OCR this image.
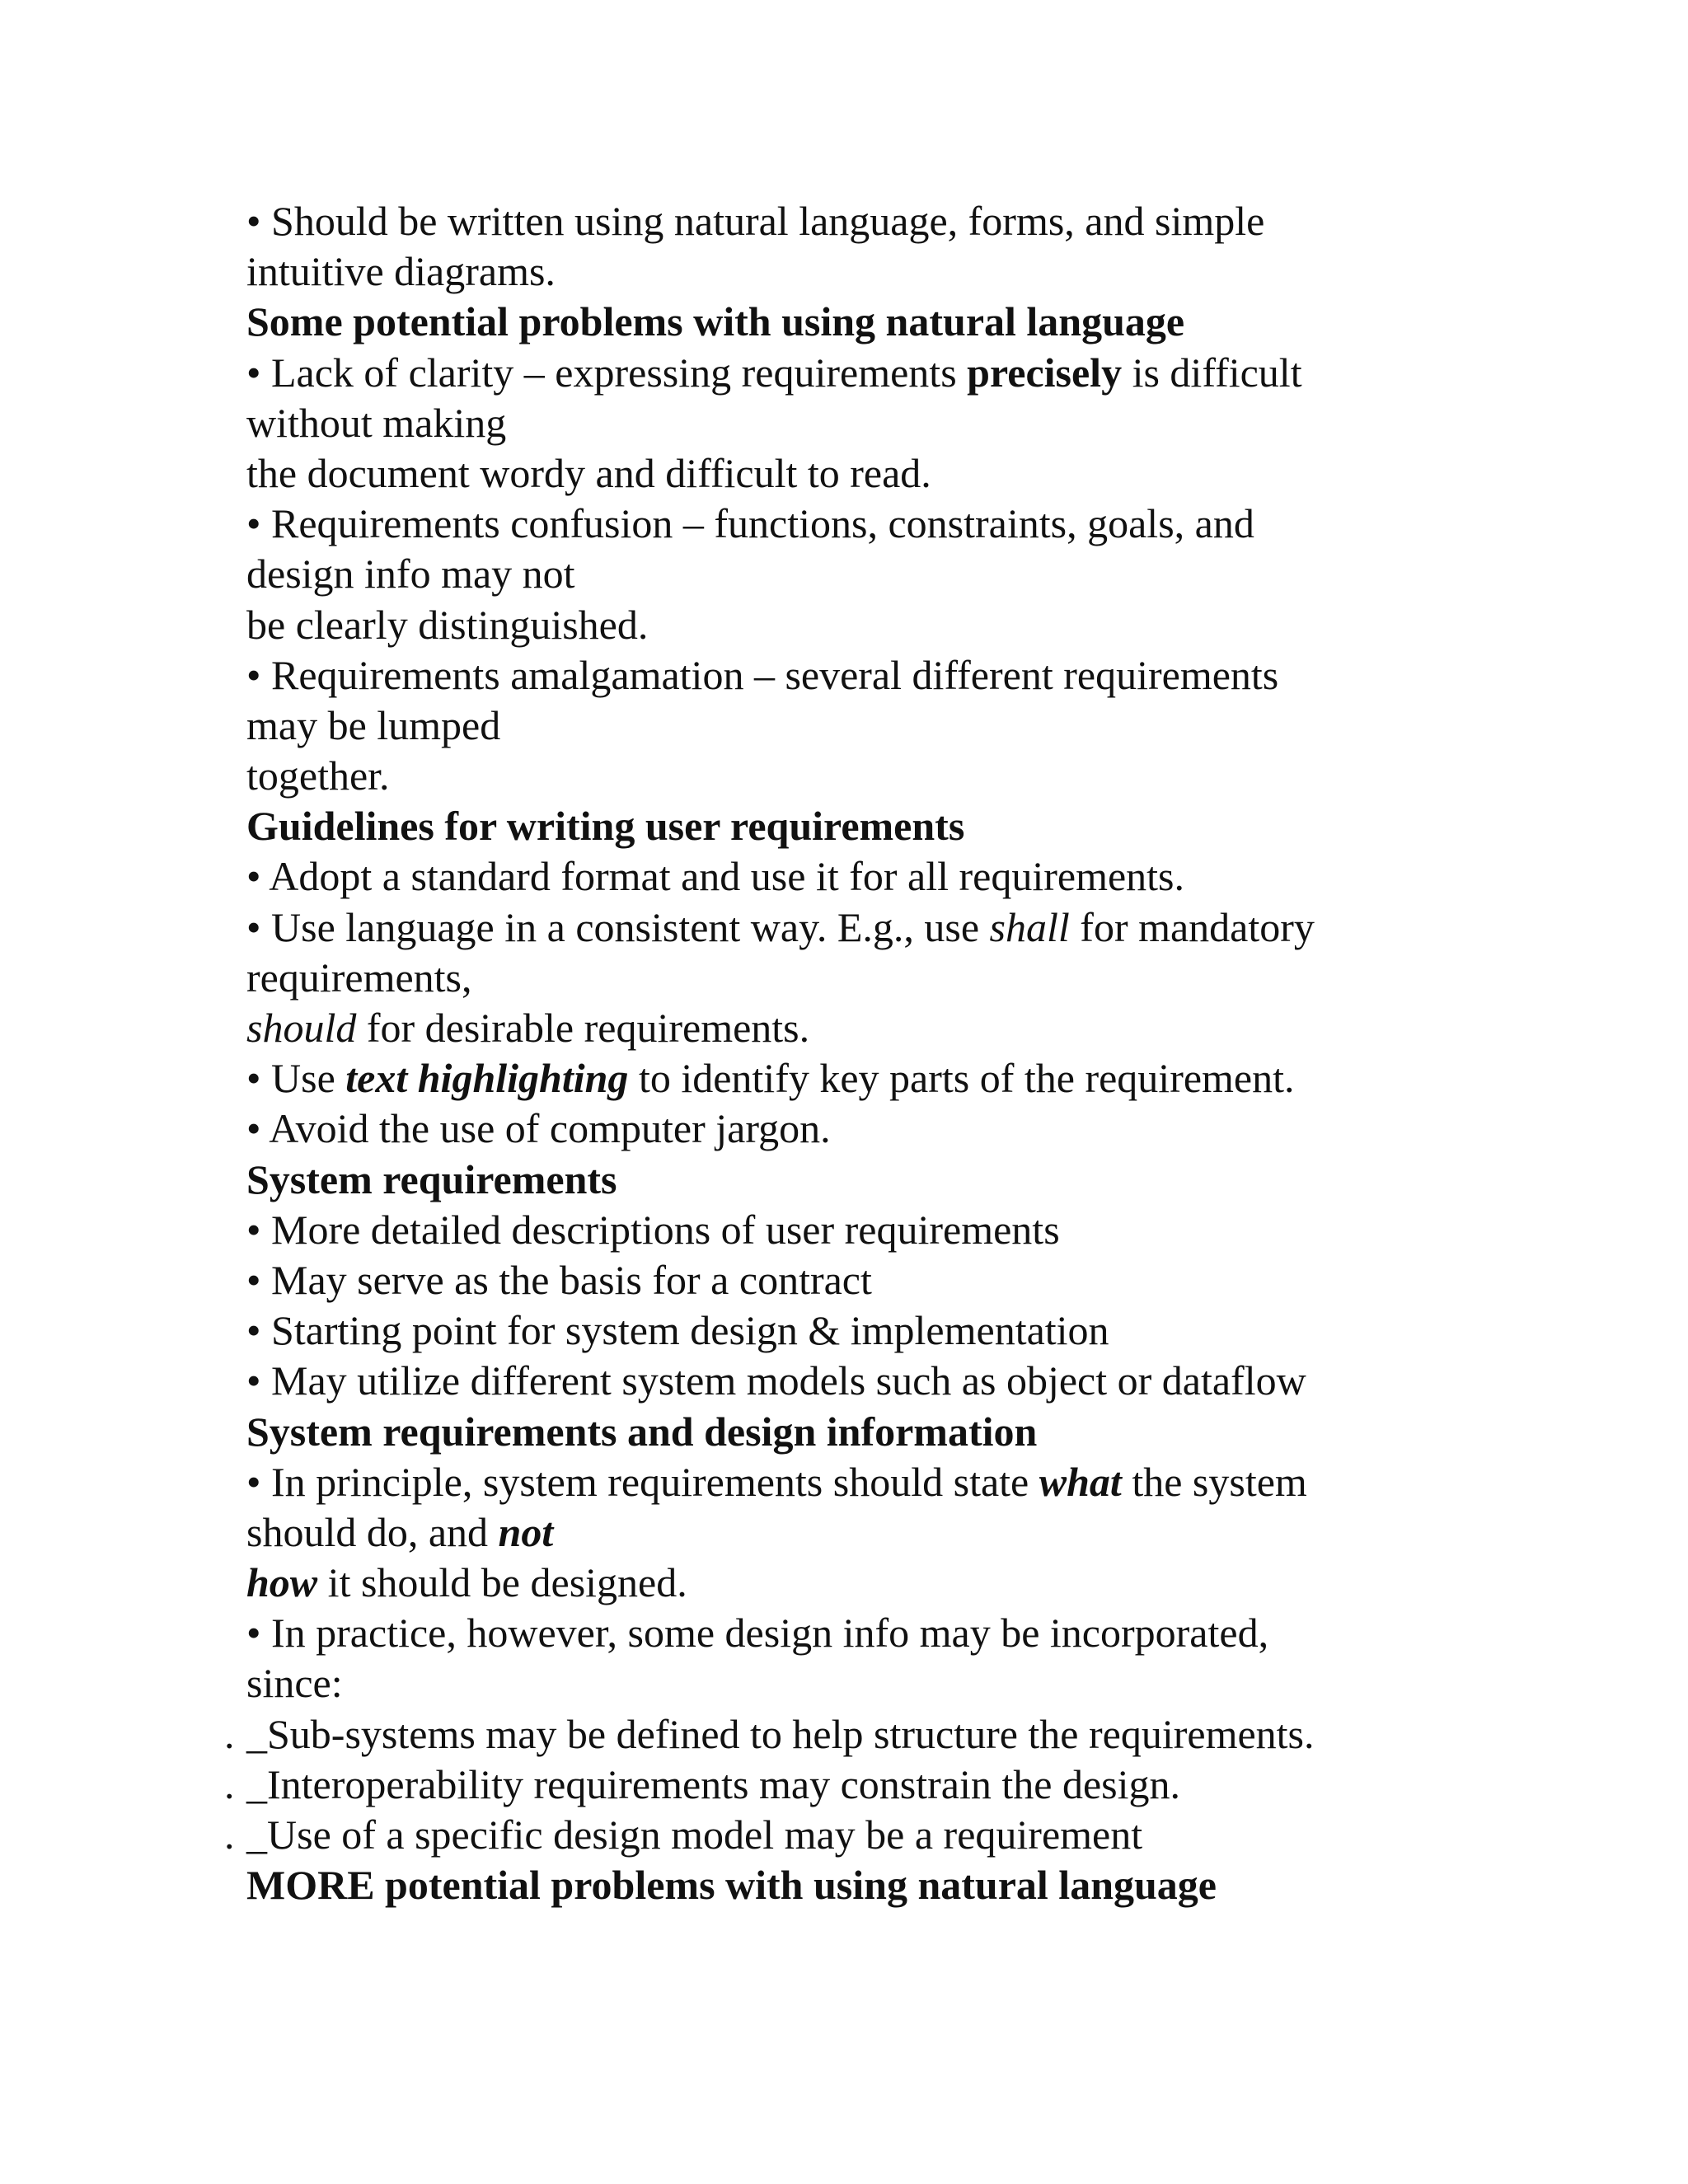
• Should be written using natural language, forms, and simple
intuitive diagrams.
Some potential problems with using natural language
• Lack of clarity – expressing requirements precisely is difficult
without making
the document wordy and difficult to read.
• Requirements confusion – functions, constraints, goals, and
design info may not
be clearly distinguished.
• Requirements amalgamation – several different requirements
may be lumped
together.
Guidelines for writing user requirements
• Adopt a standard format and use it for all requirements.
• Use language in a consistent way. E.g., use shall for mandatory
requirements,
should for desirable requirements.
• Use text highlighting to identify key parts of the requirement.
• Avoid the use of computer jargon.
System requirements
• More detailed descriptions of user requirements
• May serve as the basis for a contract
• Starting point for system design & implementation
• May utilize different system models such as object or dataflow
System requirements and design information
• In principle, system requirements should state what the system
should do, and not
how it should be designed.
• In practice, however, some design info may be incorporated,
since:
. _Sub-systems may be defined to help structure the requirements.
. _Interoperability requirements may constrain the design.
. _Use of a specific design model may be a requirement
MORE potential problems with using natural language
